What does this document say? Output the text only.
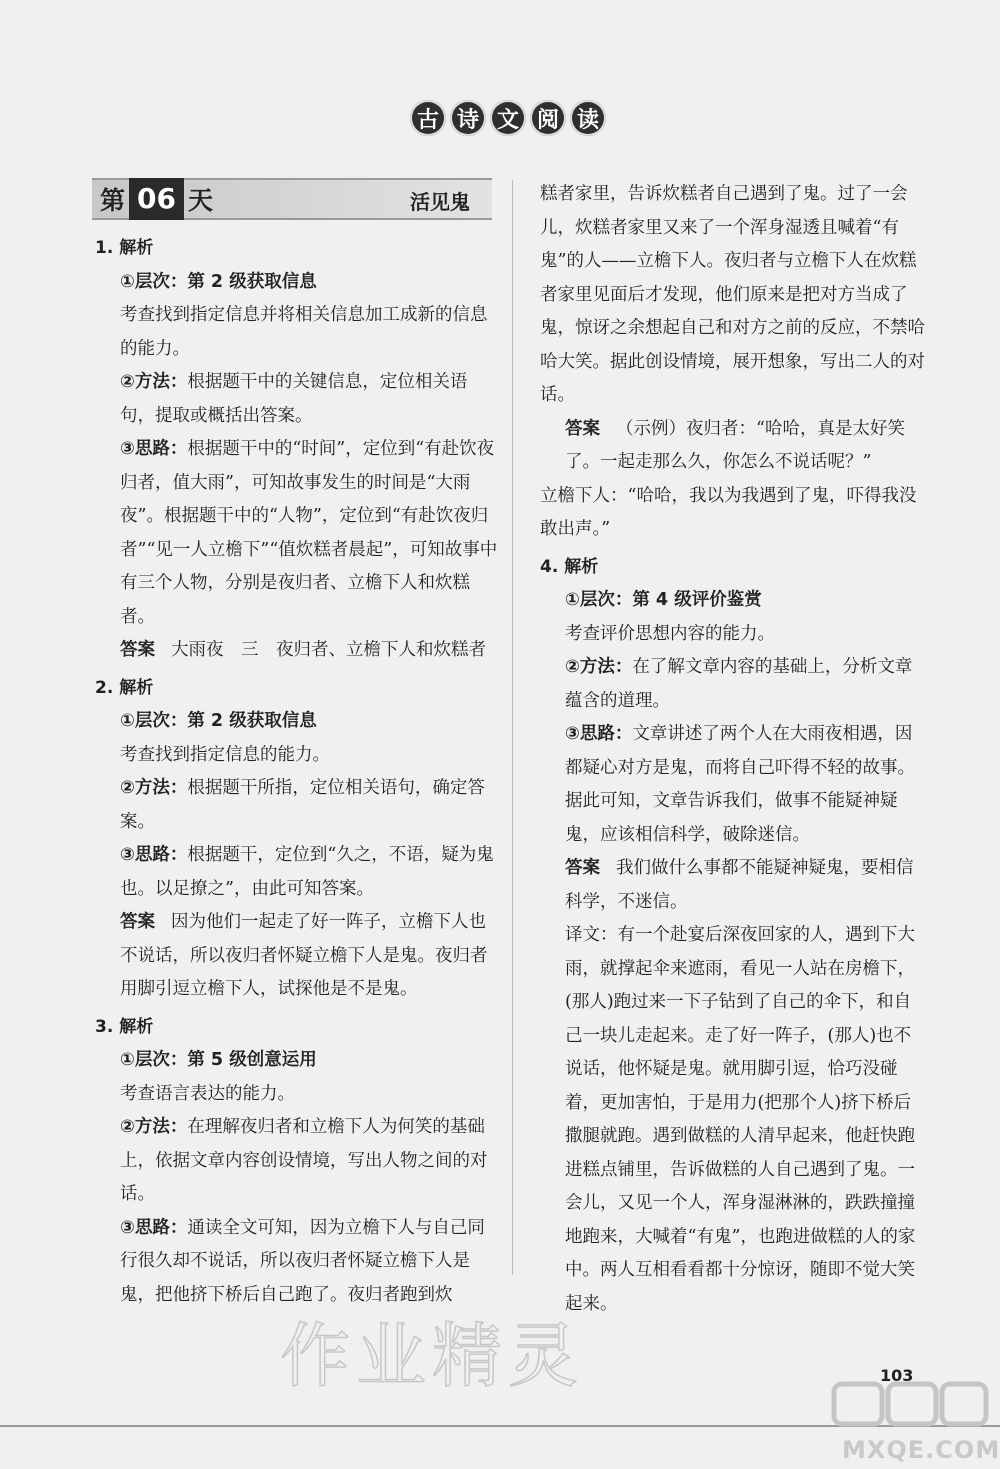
古 诗 文 阅 读
第 06 天	活见鬼
1. 解析
①层次：第 2 级获取信息
考查找到指定信息并将相关信息加工成新的信息的能力。
②方法：根据题干中的关键信息，定位相关语句，提取或概括出答案。
③思路：根据题干中的“时间”，定位到“有赴饮夜归者，值大雨”，可知故事发生的时间是“大雨夜”。根据题干中的“人物”，定位到“有赴饮夜归者”“见一人立檐下”“值炊糕者晨起”，可知故事中有三个人物，分别是夜归者、立檐下人和炊糕者。
答案 大雨夜　三　夜归者、立檐下人和炊糕者
2. 解析
①层次：第 2 级获取信息
考查找到指定信息的能力。
②方法：根据题干所指，定位相关语句，确定答案。
③思路：根据题干，定位到“久之，不语，疑为鬼也。以足撩之”，由此可知答案。
答案 因为他们一起走了好一阵子，立檐下人也不说话，所以夜归者怀疑立檐下人是鬼。夜归者用脚引逗立檐下人，试探他是不是鬼。
3. 解析
①层次：第 5 级创意运用
考查语言表达的能力。
②方法：在理解夜归者和立檐下人为何笑的基础上，依据文章内容创设情境，写出人物之间的对话。
③思路：通读全文可知，因为立檐下人与自己同行很久却不说话，所以夜归者怀疑立檐下人是鬼，把他挤下桥后自己跑了。夜归者跑到炊
糕者家里，告诉炊糕者自己遇到了鬼。过了一会儿，炊糕者家里又来了一个浑身湿透且喊着“有鬼”的人——立檐下人。夜归者与立檐下人在炊糕者家里见面后才发现，他们原来是把对方当成了鬼，惊讶之余想起自己和对方之前的反应，不禁哈哈大笑。据此创设情境，展开想象，写出二人的对话。
答案 （示例）夜归者：“哈哈，真是太好笑了。一起走那么久，你怎么不说话呢？”
立檐下人：“哈哈，我以为我遇到了鬼，吓得我没敢出声。”
4. 解析
①层次：第 4 级评价鉴赏
考查评价思想内容的能力。
②方法：在了解文章内容的基础上，分析文章蕴含的道理。
③思路：文章讲述了两个人在大雨夜相遇，因都疑心对方是鬼，而将自己吓得不轻的故事。据此可知，文章告诉我们，做事不能疑神疑鬼，应该相信科学，破除迷信。
答案 我们做什么事都不能疑神疑鬼，要相信科学，不迷信。
译文：有一个赴宴后深夜回家的人，遇到下大雨，就撑起伞来遮雨，看见一人站在房檐下，(那人)跑过来一下子钻到了自己的伞下，和自己一块儿走起来。走了好一阵子，(那人)也不说话，他怀疑是鬼。就用脚引逗，恰巧没碰着，更加害怕，于是用力(把那个人)挤下桥后撒腿就跑。遇到做糕的人清早起来，他赶快跑进糕点铺里，告诉做糕的人自己遇到了鬼。一会儿，又见一个人，浑身湿淋淋的，跌跌撞撞地跑来，大喊着“有鬼”，也跑进做糕的人的家中。两人互相看看都十分惊讶，随即不觉大笑起来。
作业精灵	103
MXQE.COM
